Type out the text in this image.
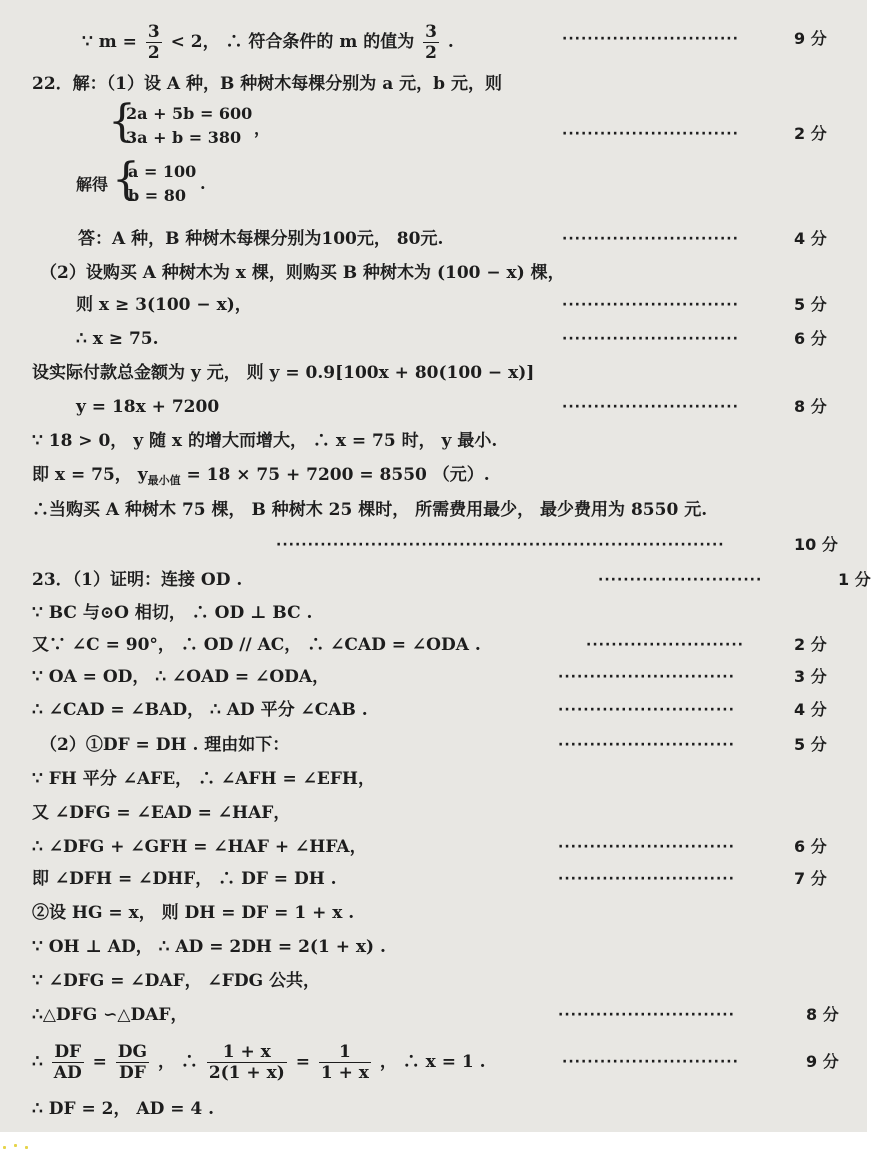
∵ $m = \frac{3}{2} < 2$， ∴ 符合条件的 m 的值为 $\frac{3}{2}$ .	····························	9 分
22．解：（1）设 A 种，B 种树木每棵分别为 a 元，b 元，则
{
2a + 5b = 600
3a + b = 380 ，	····························	2 分
解得 {
a = 100
b = 80
.
答：A 种，B 种树木每棵分别为100元， 80元.	····························	4 分
（2）设购买 A 种树木为 x 棵，则购买 B 种树木为 (100 − x) 棵，
则 x ≥ 3(100 − x)，	····························	5 分
∴ x ≥ 75.	····························	6 分
设实际付款总金额为 y 元， 则 y = 0.9[100x + 80(100 − x)]
y = 18x + 7200	····························	8 分
∵ 18 > 0， y 随 x 的增大而增大， ∴ x = 75 时， y 最小.
即 x = 75， $y_{最小值} = 18 \times 75 + 7200 = 8550$ （元）.
∴当购买 A 种树木 75 棵， B 种树木 25 棵时， 所需费用最少， 最少费用为 8550 元.
·······································································	10 分
23．（1）证明：连接 OD .	··························	1 分
∵ BC 与⊙O 相切， ∴ OD ⊥ BC .
又∵ ∠C = 90°， ∴ OD // AC， ∴ ∠CAD = ∠ODA .	·························	2 分
∵ OA = OD， ∴ ∠OAD = ∠ODA，	····························	3 分
∴ ∠CAD = ∠BAD， ∴ AD 平分 ∠CAB .	····························	4 分
（2）①DF = DH . 理由如下：	····························	5 分
∵ FH 平分 ∠AFE， ∴ ∠AFH = ∠EFH，
又 ∠DFG = ∠EAD = ∠HAF，
∴ ∠DFG + ∠GFH = ∠HAF + ∠HFA，	····························	6 分
即 ∠DFH = ∠DHF， ∴ DF = DH .	····························	7 分
②设 HG = x， 则 DH = DF = 1 + x .
∵ OH ⊥ AD， ∴ AD = 2DH = 2(1 + x) .
∵ ∠DFG = ∠DAF， ∠FDG 公共，
∴△DFG ∽△DAF，	····························	8 分
∴ $\frac{DF}{AD} = \frac{DG}{DF}$ ， ∴ $\frac{1 + x}{2(1 + x)} = \frac{1}{1 + x}$ ， ∴ x = 1 .	····························	9 分
∴ DF = 2， AD = 4 .
